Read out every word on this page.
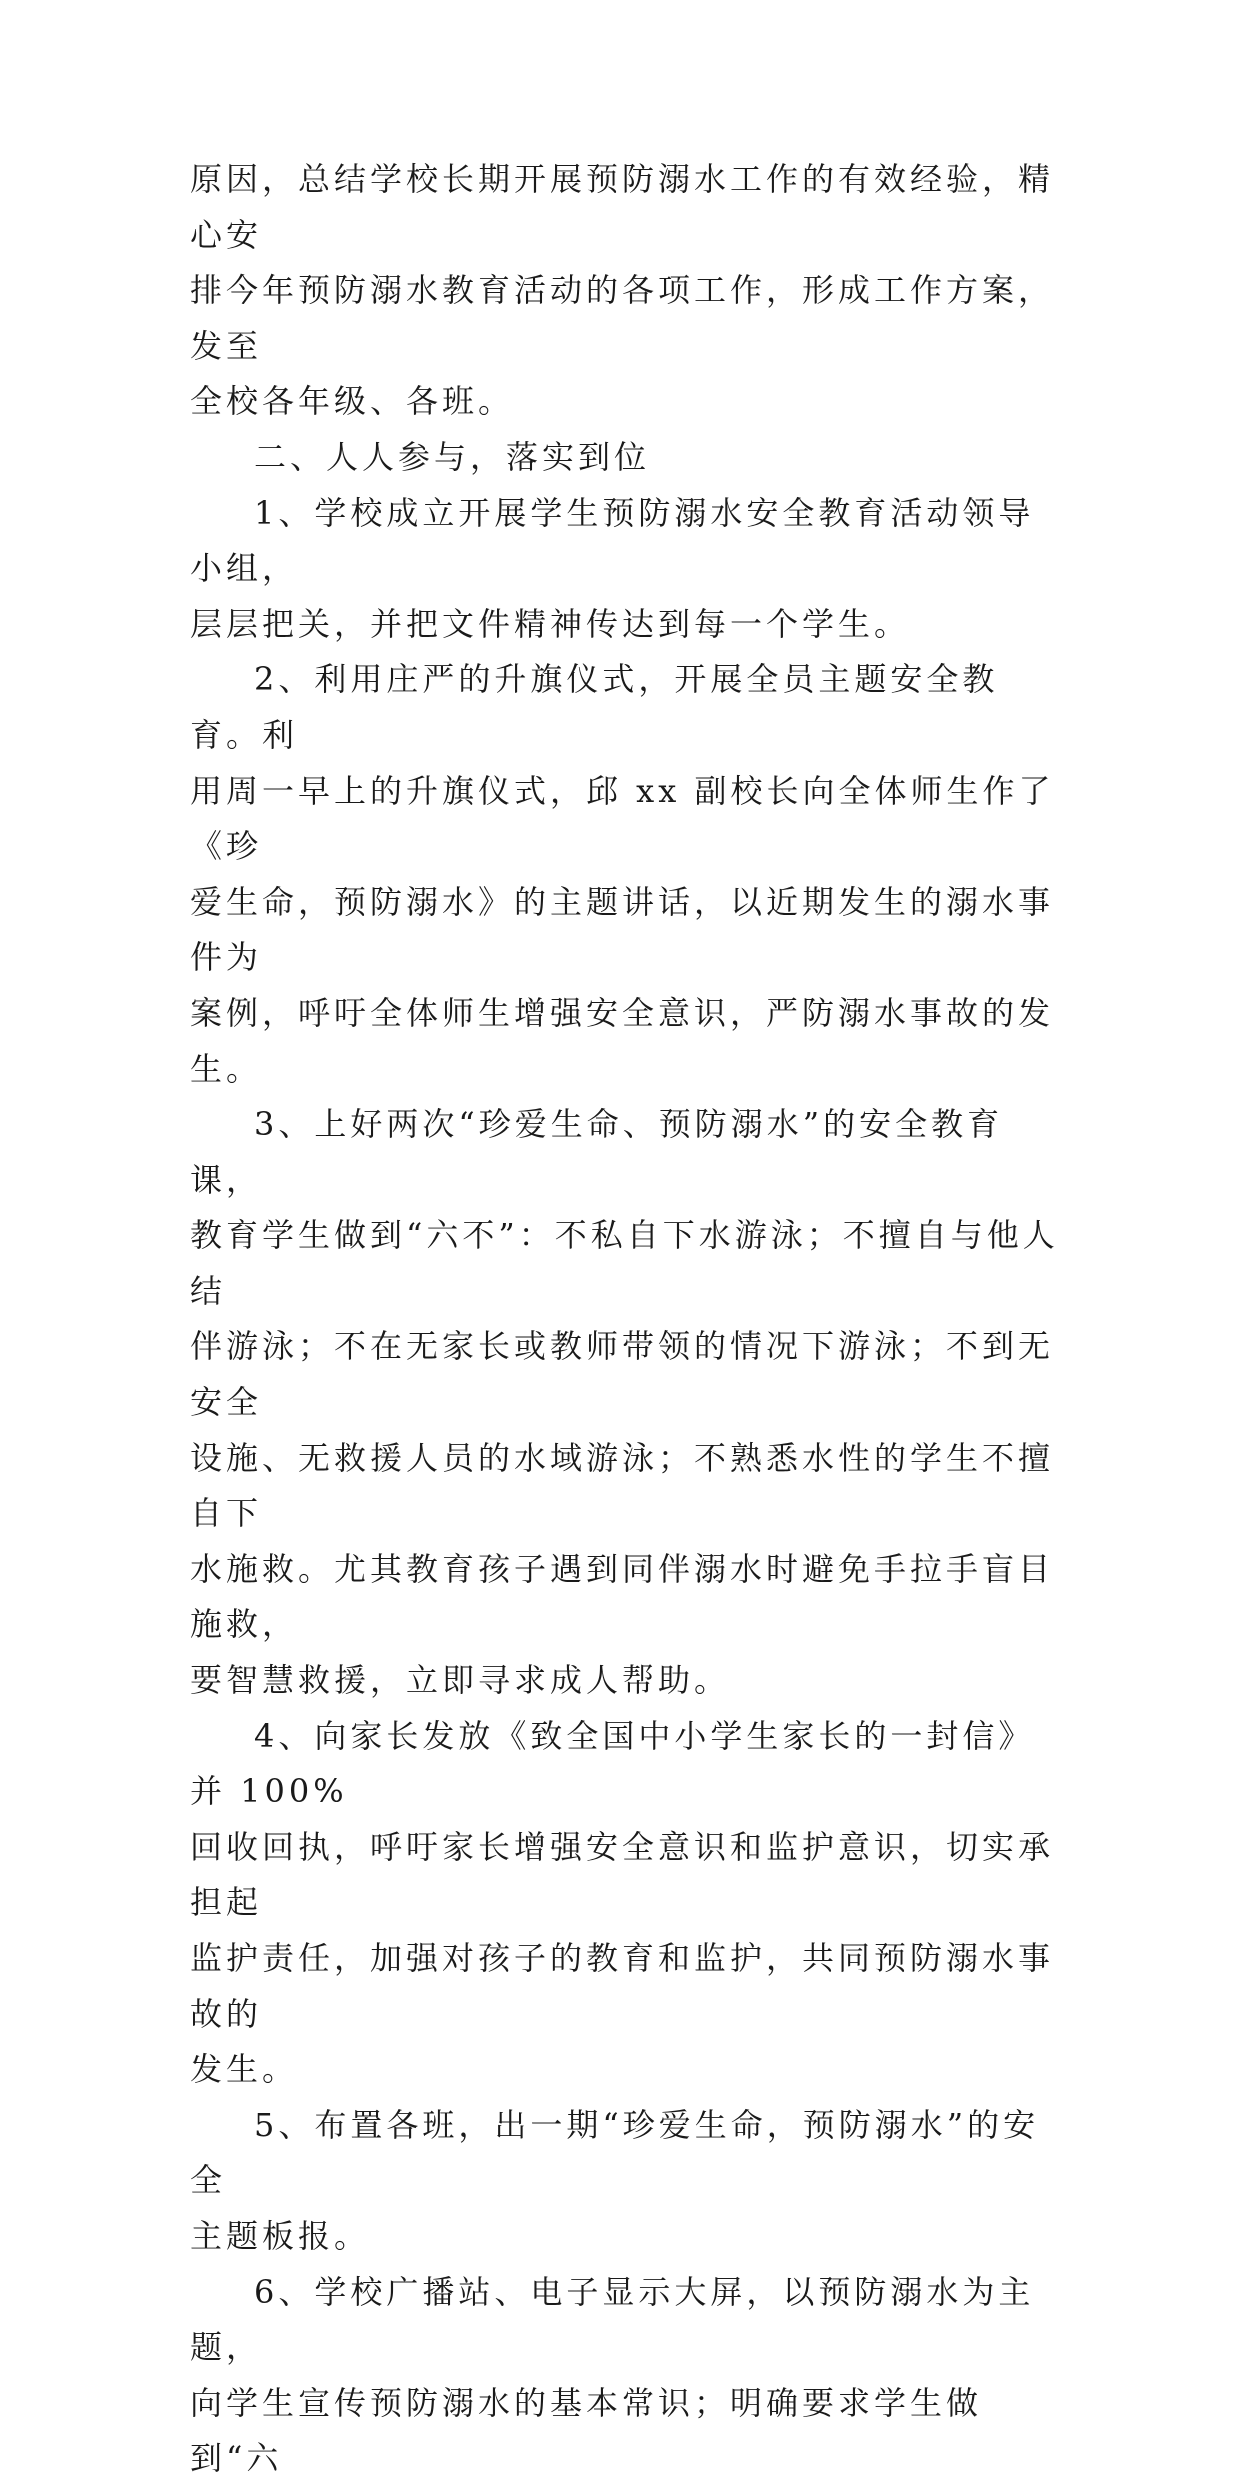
原因，总结学校长期开展预防溺水工作的有效经验，精心安
排今年预防溺水教育活动的各项工作，形成工作方案，发至
全校各年级、各班。
二、人人参与，落实到位
1、学校成立开展学生预防溺水安全教育活动领导小组，
层层把关，并把文件精神传达到每一个学生。
2、利用庄严的升旗仪式，开展全员主题安全教育。利
用周一早上的升旗仪式，邱 xx 副校长向全体师生作了《珍
爱生命，预防溺水》的主题讲话，以近期发生的溺水事件为
案例，呼吁全体师生增强安全意识，严防溺水事故的发生。
3、上好两次“珍爱生命、预防溺水”的安全教育课，
教育学生做到“六不”：不私自下水游泳；不擅自与他人结
伴游泳；不在无家长或教师带领的情况下游泳；不到无安全
设施、无救援人员的水域游泳；不熟悉水性的学生不擅自下
水施救。尤其教育孩子遇到同伴溺水时避免手拉手盲目施救，
要智慧救援，立即寻求成人帮助。
4、向家长发放《致全国中小学生家长的一封信》并 100%
回收回执，呼吁家长增强安全意识和监护意识，切实承担起
监护责任，加强对孩子的教育和监护，共同预防溺水事故的
发生。
5、布置各班，出一期“珍爱生命，预防溺水”的安全
主题板报。
6、学校广播站、电子显示大屏，以预防溺水为主题，
向学生宣传预防溺水的基本常识；明确要求学生做到“六
